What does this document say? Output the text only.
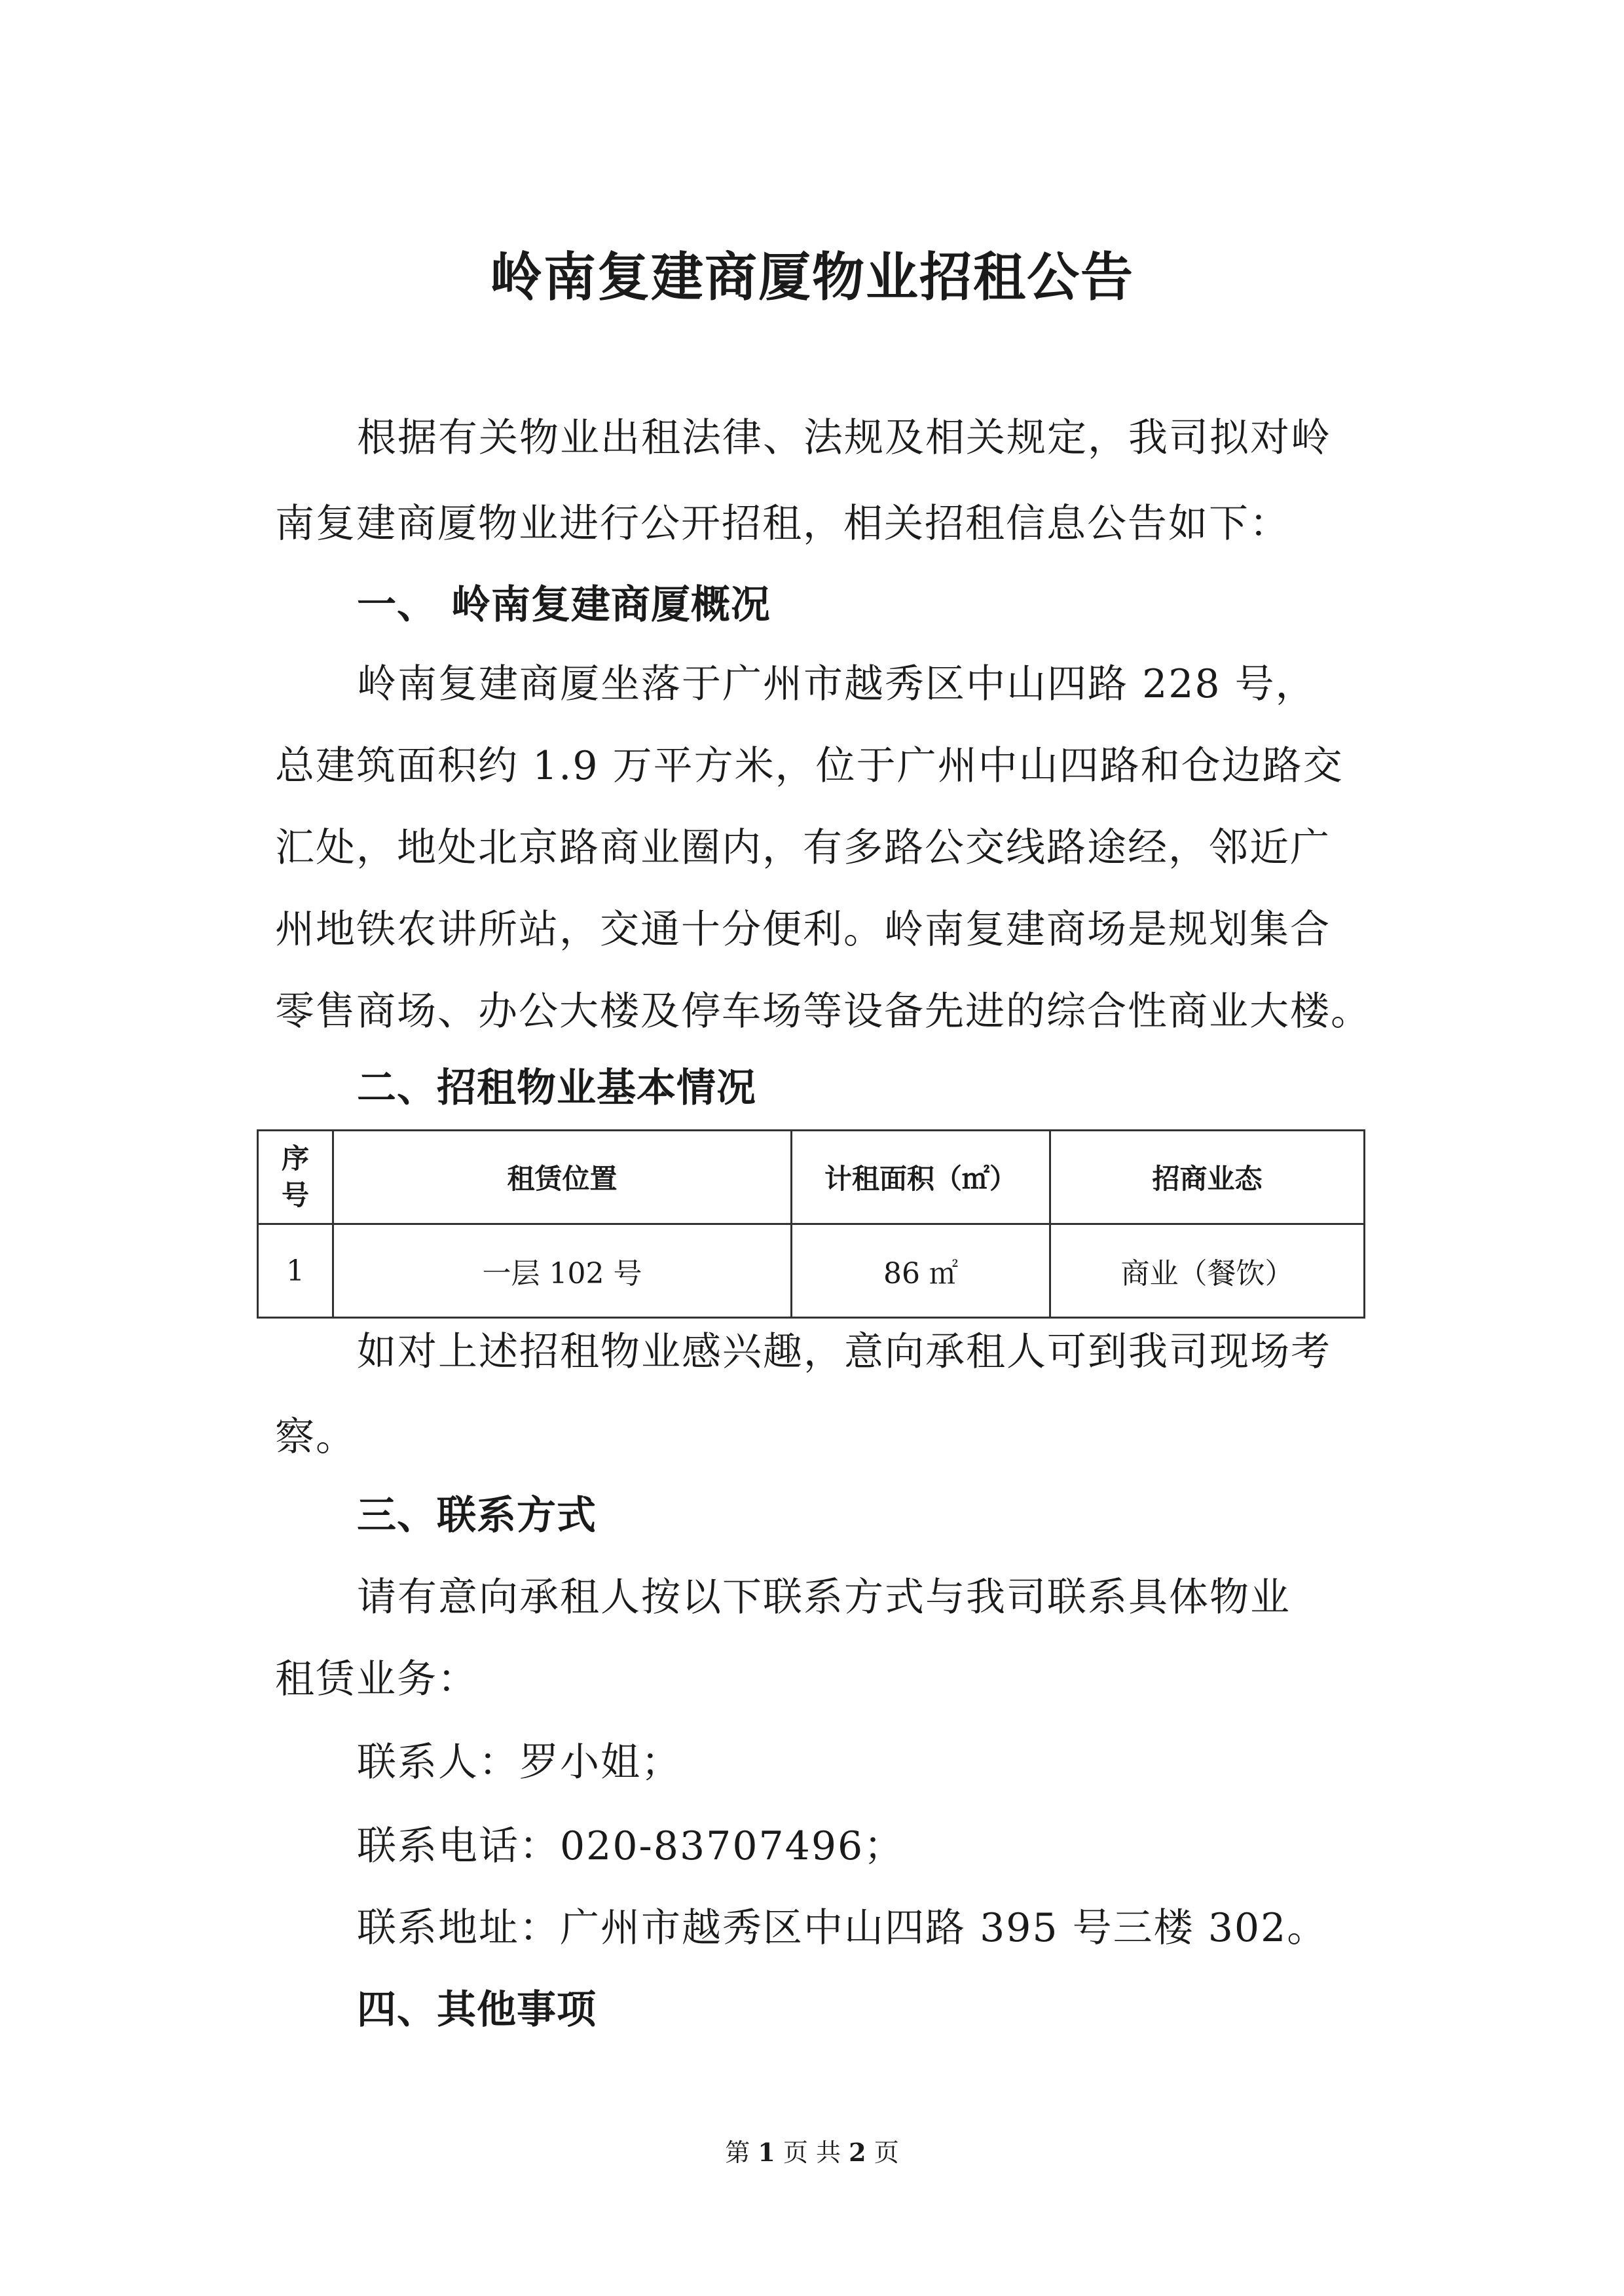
岭南复建商厦物业招租公告
根据有关物业出租法律、法规及相关规定，我司拟对岭
南复建商厦物业进行公开招租，相关招租信息公告如下：
一、 岭南复建商厦概况
岭南复建商厦坐落于广州市越秀区中山四路 228 号，
总建筑面积约 1.9 万平方米，位于广州中山四路和仓边路交
汇处，地处北京路商业圈内，有多路公交线路途经，邻近广
州地铁农讲所站，交通十分便利。岭南复建商场是规划集合
零售商场、办公大楼及停车场等设备先进的综合性商业大楼。
二、招租物业基本情况
序号	租赁位置	计租面积（㎡）	招商业态
1	一层 102 号	86 ㎡	商业（餐饮）
如对上述招租物业感兴趣，意向承租人可到我司现场考
察。
三、联系方式
请有意向承租人按以下联系方式与我司联系具体物业
租赁业务：
联系人：罗小姐；
联系电话：020-83707496；
联系地址：广州市越秀区中山四路 395 号三楼 302。
四、其他事项
第 1 页 共 2 页
